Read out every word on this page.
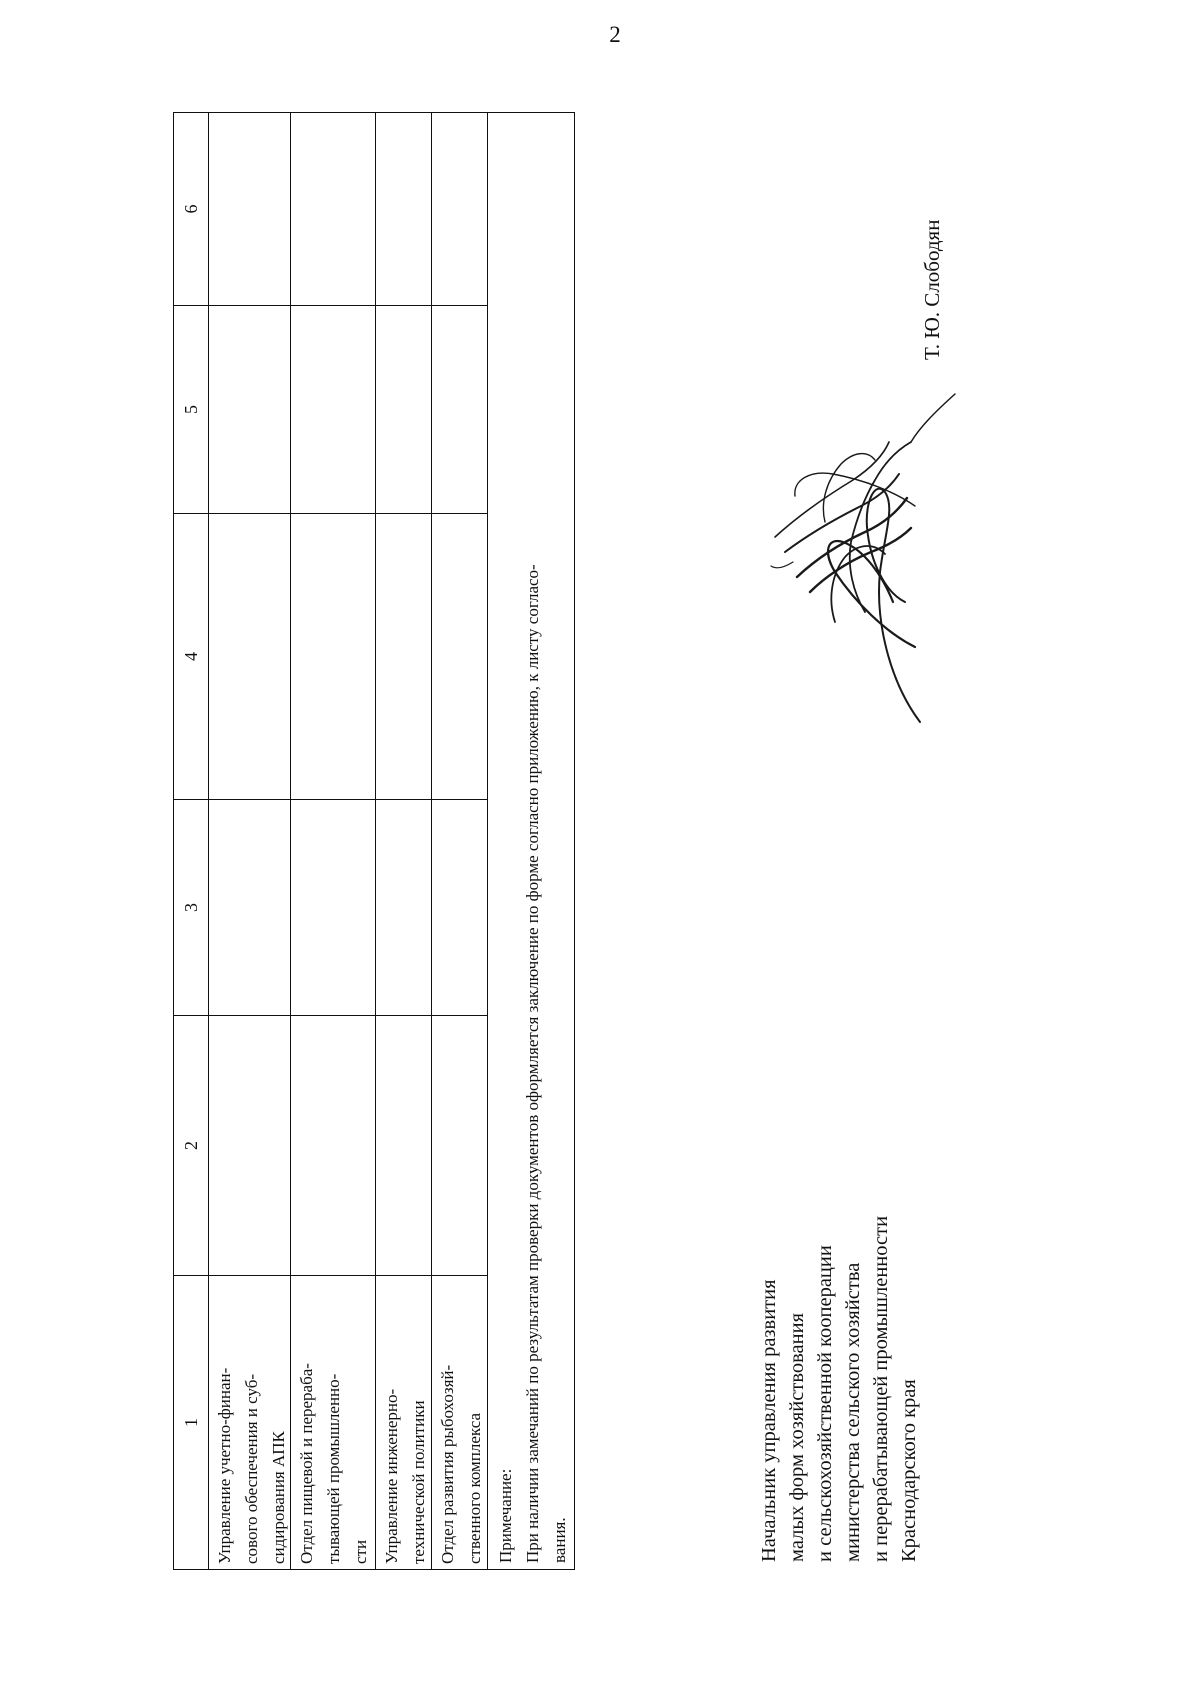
2
1
2
3
4
5
6
Управление учетно-финан-
сового обеспечения и суб-
сидирования АПК
Отдел пищевой и перераба-
тывающей промышленно-
сти Управление инженерно-
технической политики
Отдел развития рыбохозяй-
ственного комплекса
Примечание: При наличии замечаний по результатам проверки документов оформляется заключение по форме согласно приложению, к листу согласо-
вания.	Начальник управления развития
малых форм хозяйствования
и сельскохозяйственной кооперации
министерства сельского хозяйства
и перерабатывающей промышленности
Краснодарского края
Т. Ю. Слободян
